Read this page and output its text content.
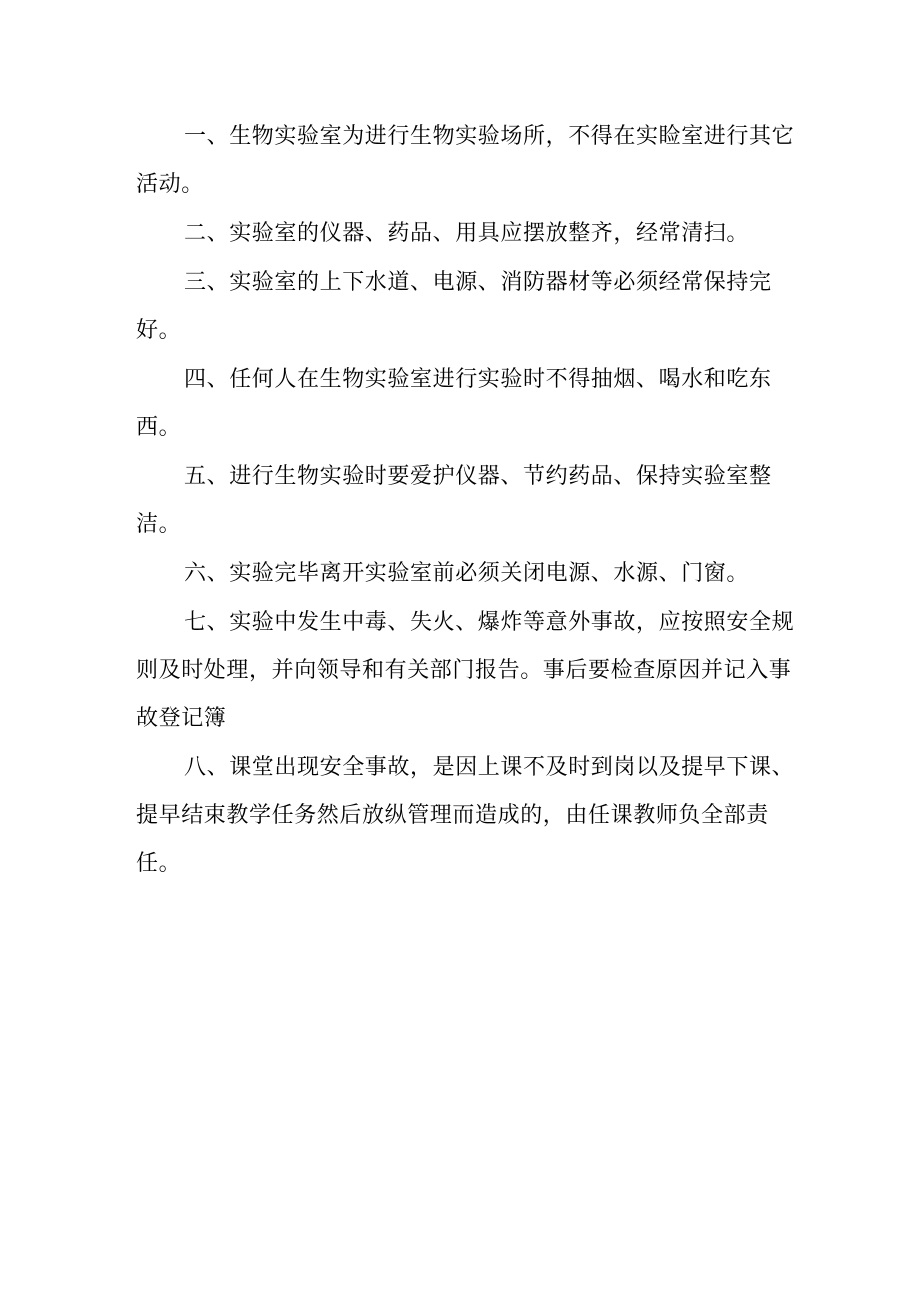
一、生物实验室为进行生物实验场所，不得在实睑室进行其它活动。

二、实验室的仪器、药品、用具应摆放整齐，经常清扫。

三、实验室的上下水道、电源、消防器材等必须经常保持完好。

四、任何人在生物实验室进行实验时不得抽烟、喝水和吃东西。

五、进行生物实验时要爱护仪器、节约药品、保持实验室整洁。

六、实验完毕离开实验室前必须关闭电源、水源、门窗。

七、实验中发生中毒、失火、爆炸等意外事故，应按照安全规则及时处理，并向领导和有关部门报告。事后要检查原因并记入事故登记簿

八、课堂出现安全事故，是因上课不及时到岗以及提早下课、提早结束教学任务然后放纵管理而造成的，由任课教师负全部责任。
